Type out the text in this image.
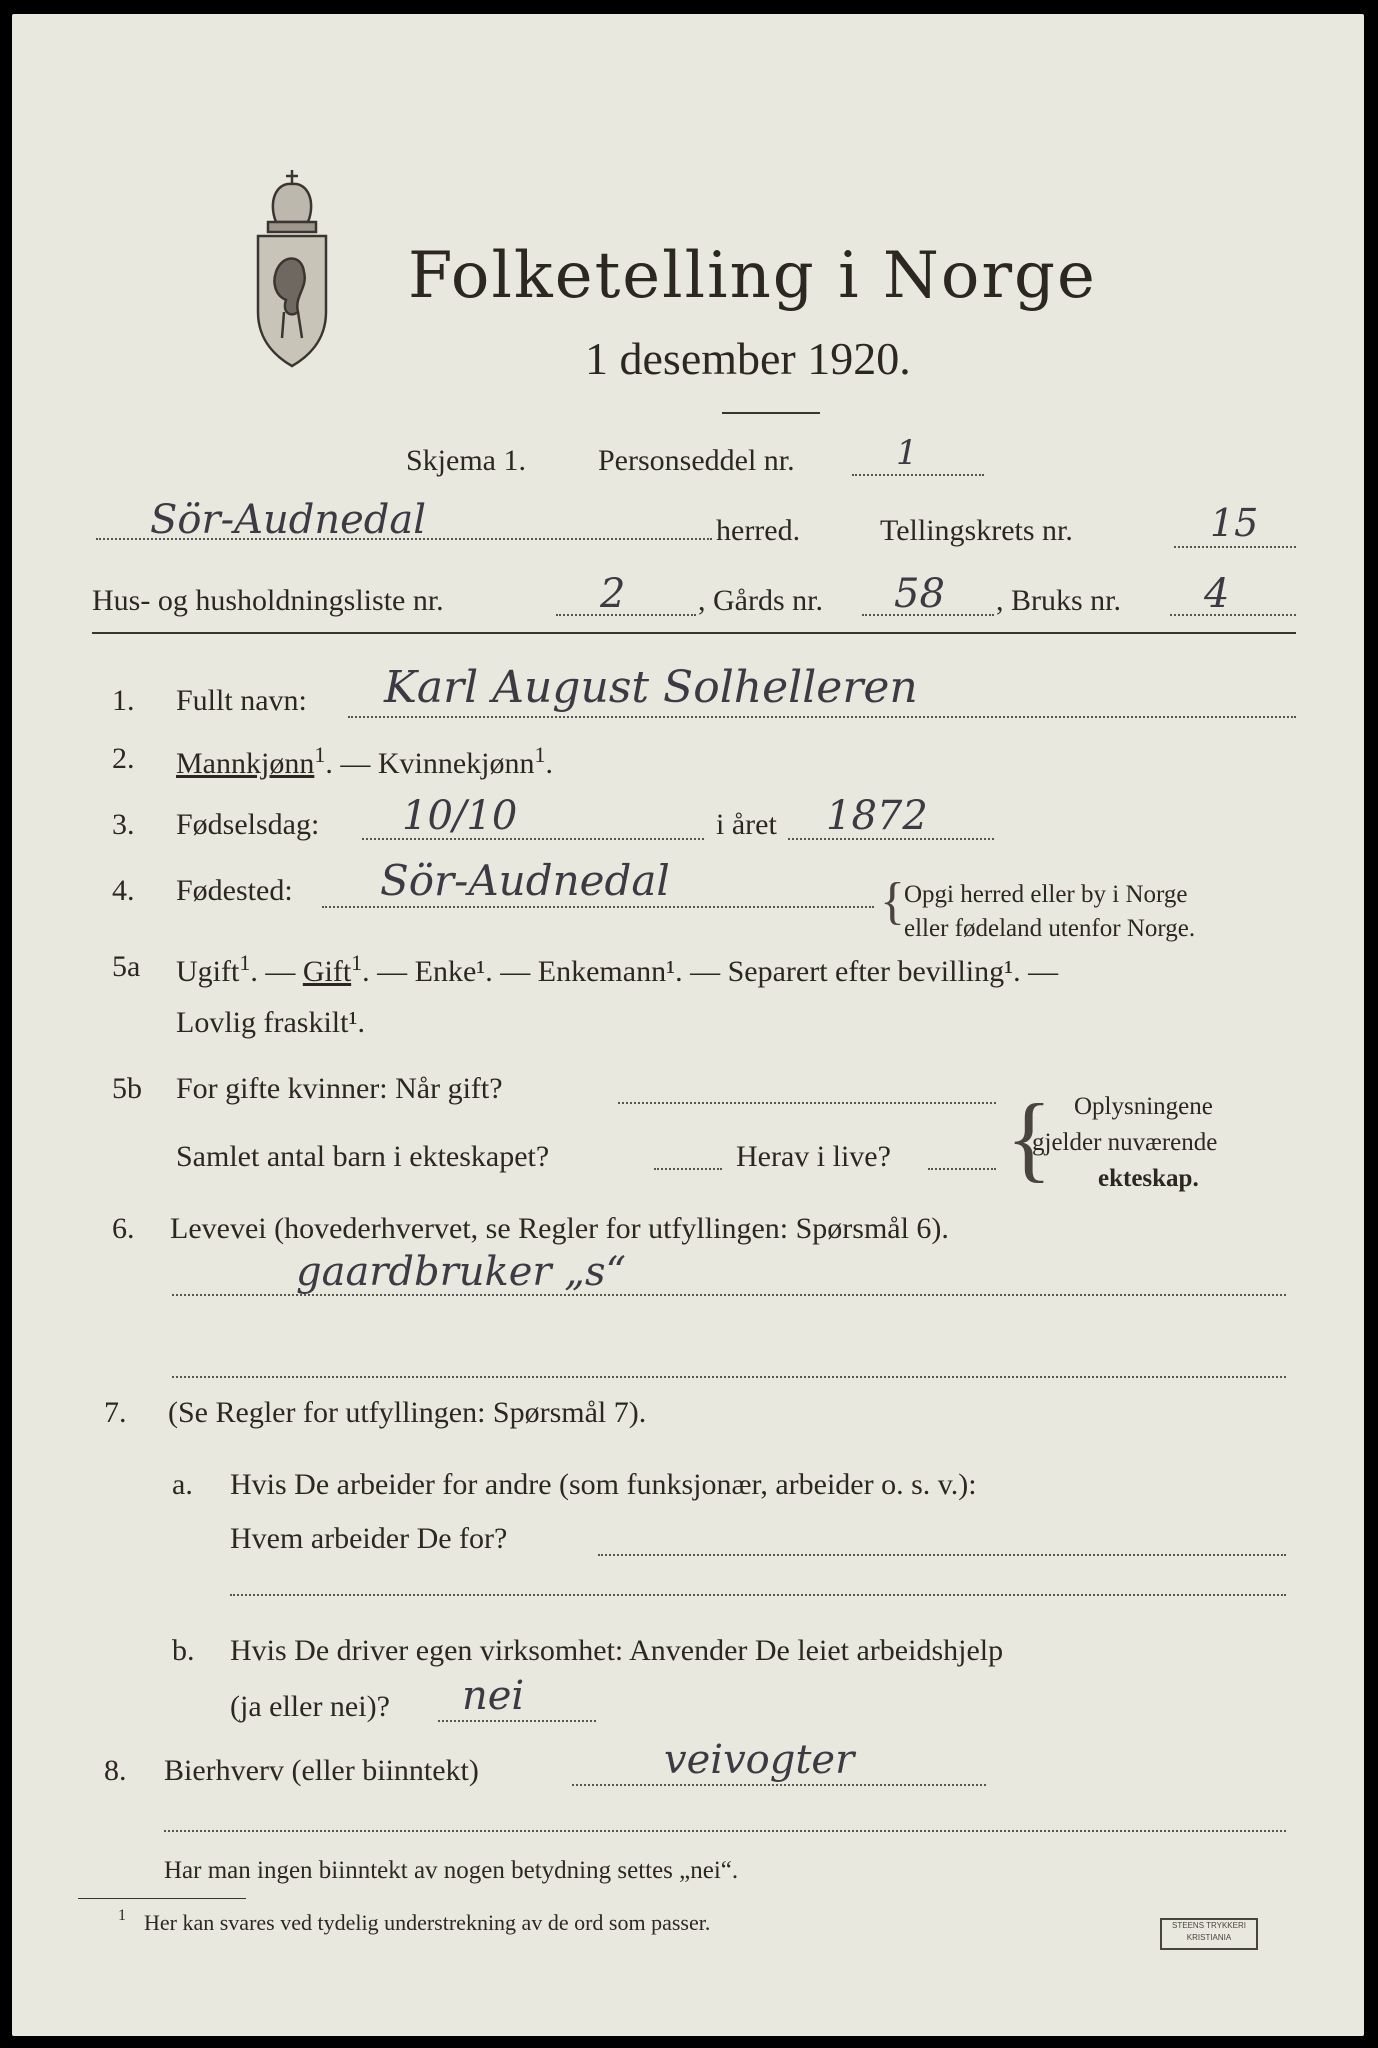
Folketelling i Norge
1 desember 1920.
Skjema 1. Personseddel nr.	1
Sör-Audnedal	herred.	Tellingskrets nr.	15
Hus- og husholdningsliste nr.	2 , Gårds nr. 58 , Bruks nr. 4
1. Fullt navn: Karl August Solhelleren
2. Mannkjønn$^1$. — Kvinnekjønn$^1$.
3. Fødselsdag: 10/10	i året 1872
4. Fødested: Sör-Audnedal	{ Opgi herred eller by i Norge
eller fødeland utenfor Norge.
5a Ugift$^1$. — Gift$^1$. — Enke¹. — Enkemann¹. — Separert efter bevilling¹. —
Lovlig fraskilt¹.
5b For gifte kvinner: Når gift?
Samlet antal barn i ekteskapet?	Herav i live? { Oplysningene
gjelder nuværende
ekteskap.
6. Levevei (hovederhvervet, se Regler for utfyllingen: Spørsmål 6).
gaardbruker „s“
7. (Se Regler for utfyllingen: Spørsmål 7).
a. Hvis De arbeider for andre (som funksjonær, arbeider o. s. v.):
Hvem arbeider De for?
b. Hvis De driver egen virksomhet: Anvender De leiet arbeidshjelp
(ja eller nei)? nei
8. Bierhverv (eller biinntekt)	veivogter
Har man ingen biinntekt av nogen betydning settes „nei“.
1 Her kan svares ved tydelig understrekning av de ord som passer.	STEENS TRYKKERI
KRISTIANIA
